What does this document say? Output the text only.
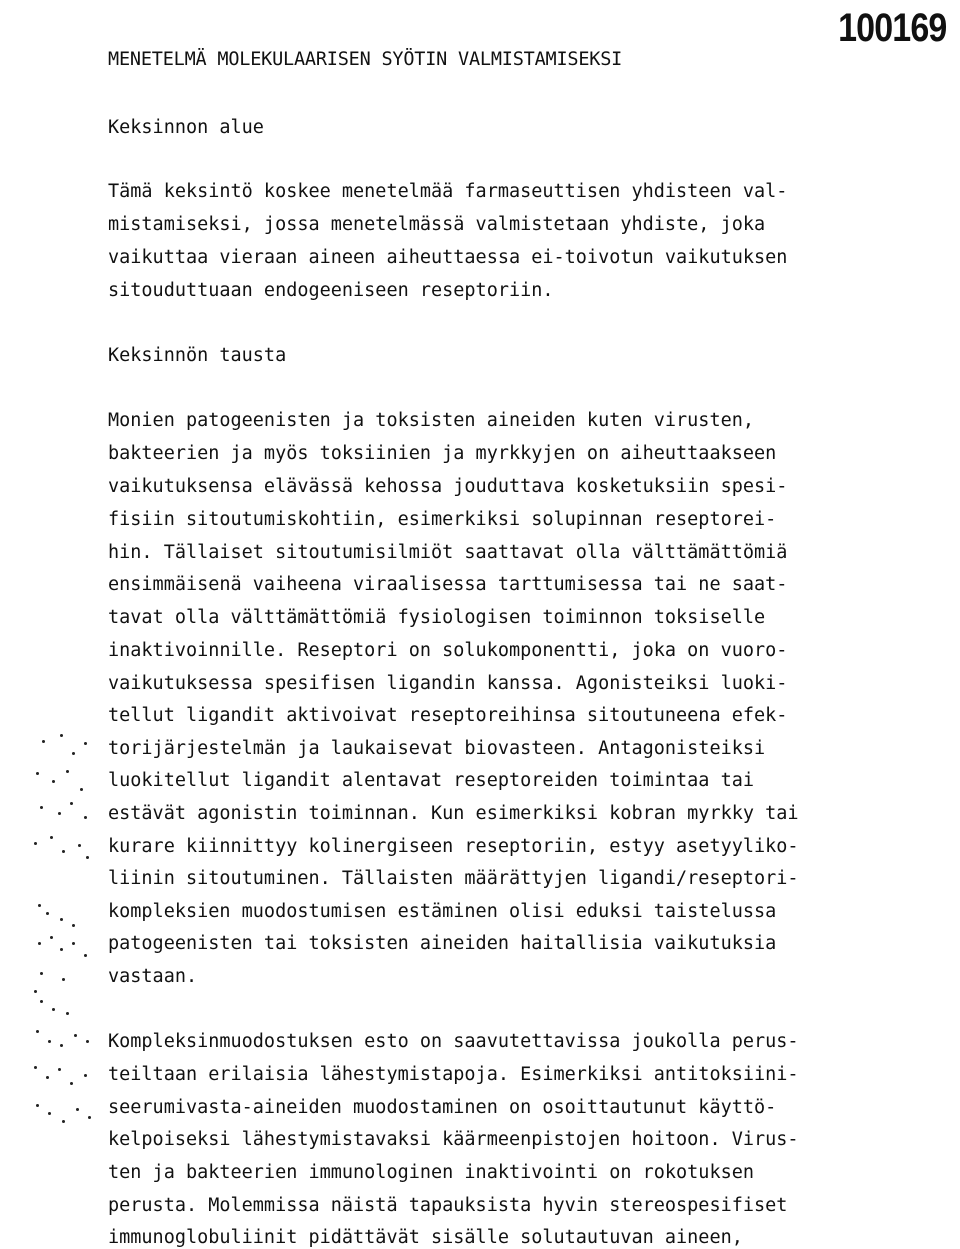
100169
MENETELMÄ MOLEKULAARISEN SYÖTIN VALMISTAMISEKSI
Keksinnon alue
Tämä keksintö koskee menetelmää farmaseuttisen yhdisteen val-
mistamiseksi, jossa menetelmässä valmistetaan yhdiste, joka
vaikuttaa vieraan aineen aiheuttaessa ei-toivotun vaikutuksen
sitouduttuaan endogeeniseen reseptoriin.
Keksinnön tausta
Monien patogeenisten ja toksisten aineiden kuten virusten,
bakteerien ja myös toksiinien ja myrkkyjen on aiheuttaakseen
vaikutuksensa elävässä kehossa jouduttava kosketuksiin spesi-
fisiin sitoutumiskohtiin, esimerkiksi solupinnan reseptorei-
hin. Tällaiset sitoutumisilmiöt saattavat olla välttämättömiä
ensimmäisenä vaiheena viraalisessa tarttumisessa tai ne saat-
tavat olla välttämättömiä fysiologisen toiminnon toksiselle
inaktivoinnille. Reseptori on solukomponentti, joka on vuoro-
vaikutuksessa spesifisen ligandin kanssa. Agonisteiksi luoki-
tellut ligandit aktivoivat reseptoreihinsa sitoutuneena efek-
torijärjestelmän ja laukaisevat biovasteen. Antagonisteiksi
luokitellut ligandit alentavat reseptoreiden toimintaa tai
estävät agonistin toiminnan. Kun esimerkiksi kobran myrkky tai
kurare kiinnittyy kolinergiseen reseptoriin, estyy asetyyliko-
liinin sitoutuminen. Tällaisten määrättyjen ligandi/reseptori-
kompleksien muodostumisen estäminen olisi eduksi taistelussa
patogeenisten tai toksisten aineiden haitallisia vaikutuksia
vastaan.
Kompleksinmuodostuksen esto on saavutettavissa joukolla perus-
teiltaan erilaisia lähestymistapoja. Esimerkiksi antitoksiini-
seerumivasta-aineiden muodostaminen on osoittautunut käyttö-
kelpoiseksi lähestymistavaksi käärmeenpistojen hoitoon. Virus-
ten ja bakteerien immunologinen inaktivointi on rokotuksen
perusta. Molemmissa näistä tapauksista hyvin stereospesifiset
immunoglobuliinit pidättävät sisälle solutautuvan aineen,
